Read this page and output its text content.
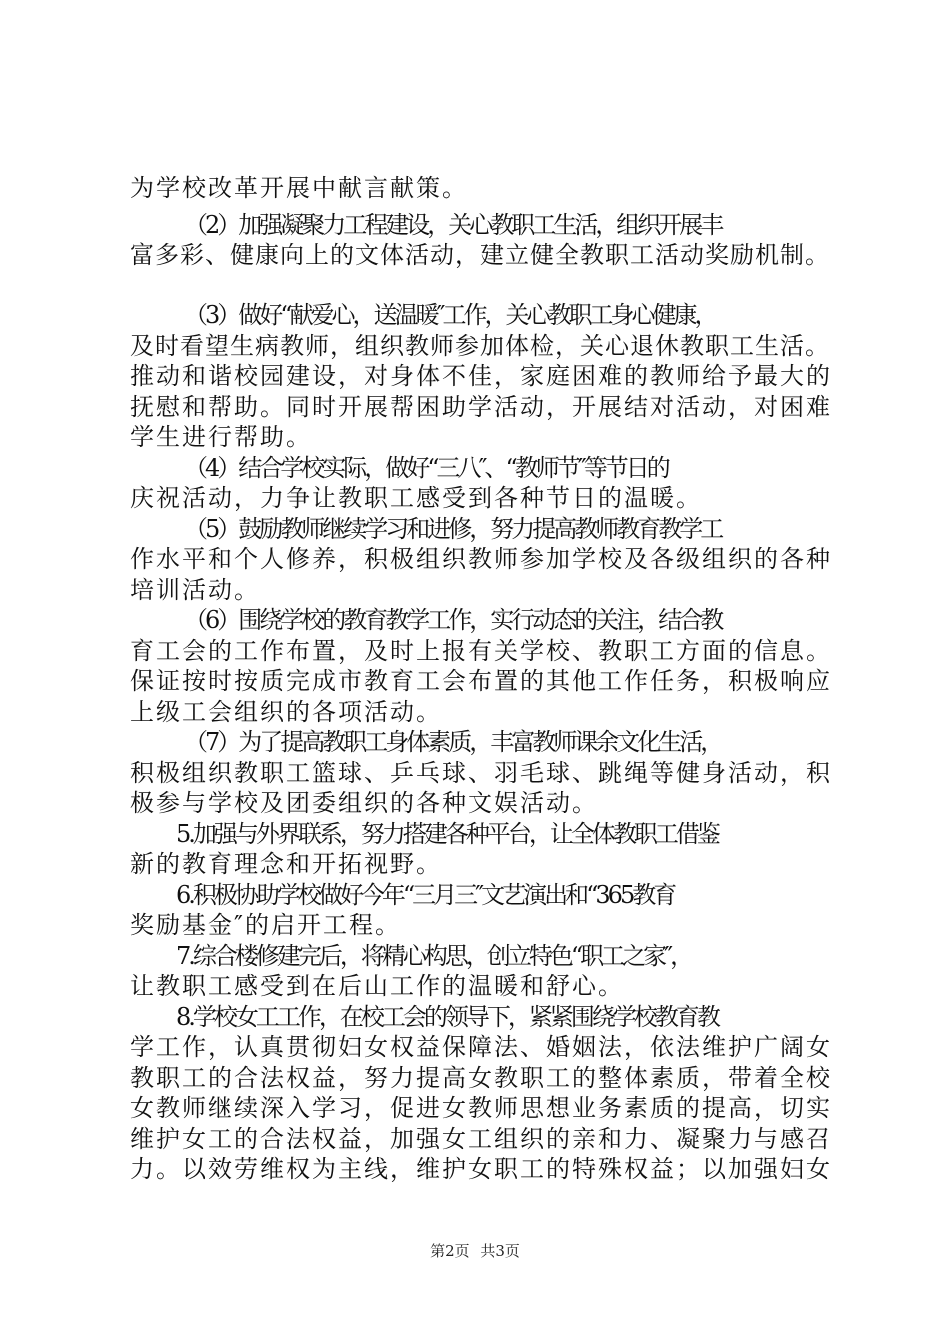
为学校改革开展中献言献策。
（2）加强凝聚力工程建设，关心教职工生活，组织开展丰
富多彩、健康向上的文体活动，建立健全教职工活动奖励机制。
（3）做好“献爱心，送温暖″工作，关心教职工身心健康，
及时看望生病教师，组织教师参加体检，关心退休教职工生活。
推动和谐校园建设，对身体不佳，家庭困难的教师给予最大的
抚慰和帮助。同时开展帮困助学活动，开展结对活动，对困难
学生进行帮助。
（4）结合学校实际，做好“三八″、“教师节″等节日的
庆祝活动，力争让教职工感受到各种节日的温暖。
（5）鼓励教师继续学习和进修，努力提高教师教育教学工
作水平和个人修养，积极组织教师参加学校及各级组织的各种
培训活动。
（6）围绕学校的教育教学工作，实行动态的关注，结合教
育工会的工作布置，及时上报有关学校、教职工方面的信息。
保证按时按质完成市教育工会布置的其他工作任务，积极响应
上级工会组织的各项活动。
（7）为了提高教职工身体素质，丰富教师课余文化生活，
积极组织教职工篮球、乒乓球、羽毛球、跳绳等健身活动，积
极参与学校及团委组织的各种文娱活动。
5.加强与外界联系，努力搭建各种平台，让全体教职工借鉴
新的教育理念和开拓视野。
6.积极协助学校做好今年“三月三″文艺演出和“365教育
奖励基金″的启开工程。
7.综合楼修建完后，将精心构思，创立特色“职工之家″，
让教职工感受到在后山工作的温暖和舒心。
8.学校女工工作，在校工会的领导下，紧紧围绕学校教育教
学工作，认真贯彻妇女权益保障法、婚姻法，依法维护广阔女
教职工的合法权益，努力提高女教职工的整体素质，带着全校
女教师继续深入学习，促进女教师思想业务素质的提高，切实
维护女工的合法权益，加强女工组织的亲和力、凝聚力与感召
力。以效劳维权为主线，维护女职工的特殊权益；以加强妇女
第2页 共3页
